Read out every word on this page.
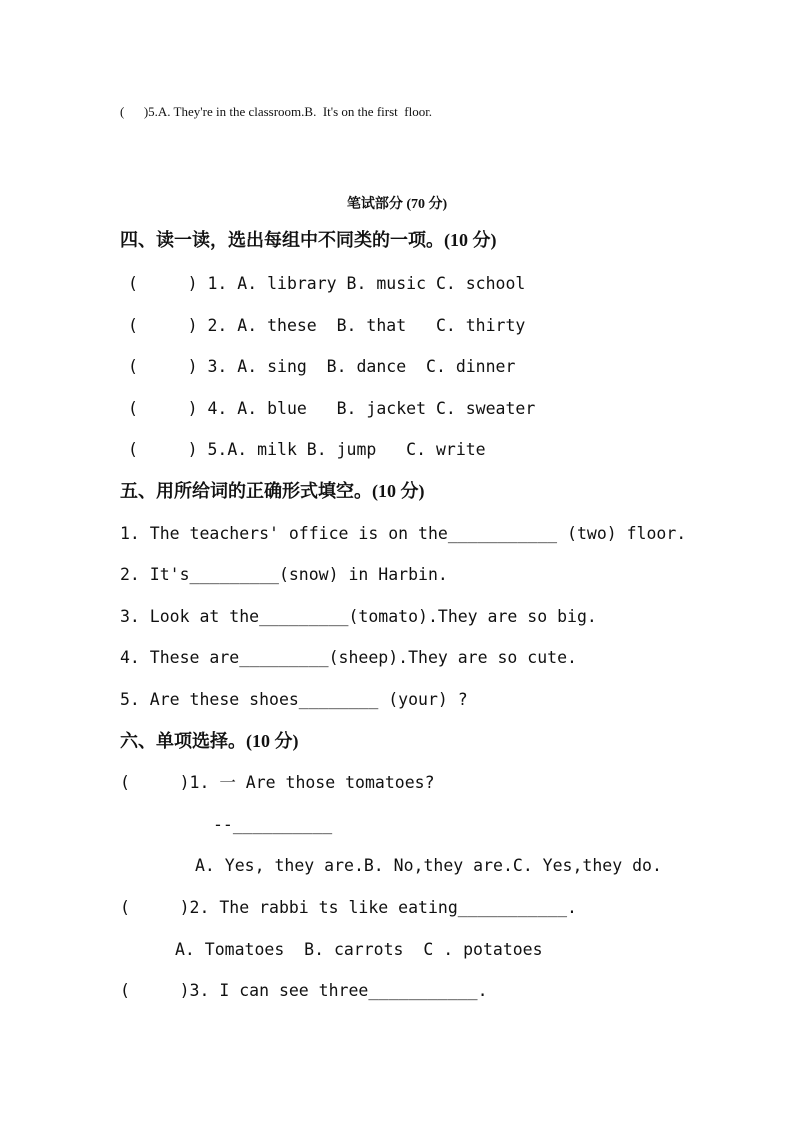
(      )5.A. They're in the classroom.B.  It's on the first  floor.
笔试部分 (70 分)
四、读一读，选出每组中不同类的一项。(10 分)
(     ) 1. A. library B. music C. school
(     ) 2. A. these  B. that   C. thirty
(     ) 3. A. sing  B. dance  C. dinner
(     ) 4. A. blue   B. jacket C. sweater
(     ) 5.A. milk B. jump   C. write
五、用所给词的正确形式填空。(10 分)
1. The teachers' office is on the___________ (two) floor.
2. It's_________(snow) in Harbin.
3. Look at the_________(tomato).They are so big.
4. These are_________(sheep).They are so cute.
5. Are these shoes________ (your) ?
六、单项选择。(10 分)
(     )1. 一 Are those tomatoes?
--__________
A. Yes, they are.B. No,they are.C. Yes,they do.
(     )2. The rabbi ts like eating___________.
A. Tomatoes  B. carrots  C . potatoes
(     )3. I can see three___________.
